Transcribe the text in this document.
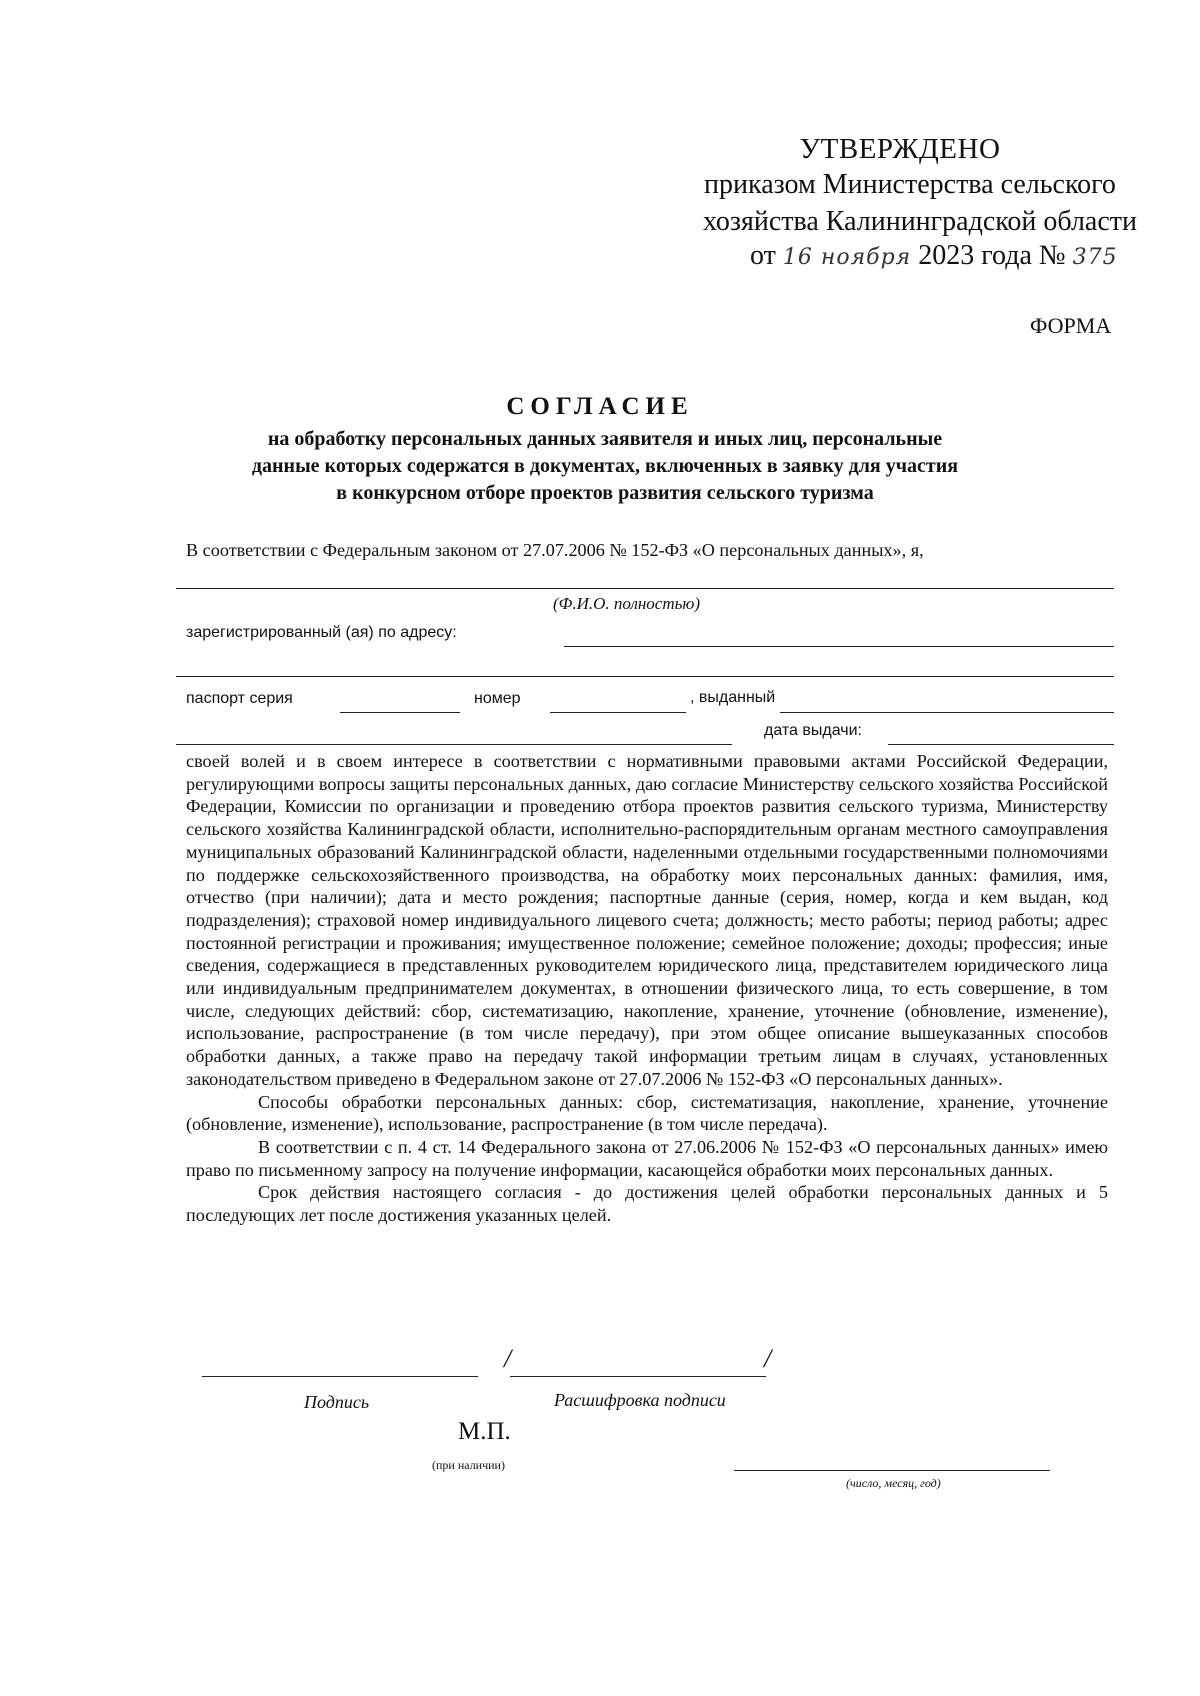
УТВЕРЖДЕНО
приказом Министерства сельского
хозяйства Калининградской области
от 16 ноября 2023 года № 375
ФОРМА
СОГЛАСИЕ
на обработку персональных данных заявителя и иных лиц, персональные
данные которых содержатся в документах, включенных в заявку для участия
в конкурсном отборе проектов развития сельского туризма
В соответствии с Федеральным законом от 27.07.2006 № 152-ФЗ «О персональных данных», я,
(Ф.И.О. полностью)
зарегистрированный (ая) по адресу:
паспорт серия	номер	, выданный
дата выдачи:

своей волей и в своем интересе в соответствии с нормативными правовыми актами Российской Федерации, регулирующими вопросы защиты персональных данных, даю согласие Министерству сельского хозяйства Российской Федерации, Комиссии по организации и проведению отбора проектов развития сельского туризма, Министерству сельского хозяйства Калининградской области, исполнительно-распорядительным органам местного самоуправления муниципальных образований Калининградской области, наделенными отдельными государственными полномочиями по поддержке сельскохозяйственного производства, на обработку моих персональных данных: фамилия, имя, отчество (при наличии); дата и место рождения; паспортные данные (серия, номер, когда и кем выдан, код подразделения); страховой номер индивидуального лицевого счета; должность; место работы; период работы; адрес постоянной регистрации и проживания; имущественное положение; семейное положение; доходы; профессия; иные сведения, содержащиеся в представленных руководителем юридического лица, представителем юридического лица или индивидуальным предпринимателем документах, в отношении физического лица, то есть совершение, в том числе, следующих действий: сбор, систематизацию, накопление, хранение, уточнение (обновление, изменение), использование, распространение (в том числе передачу), при этом общее описание вышеуказанных способов обработки данных, а также право на передачу такой информации третьим лицам в случаях, установленных законодательством приведено в Федеральном законе от 27.07.2006 № 152-ФЗ «О персональных данных».

Способы обработки персональных данных: сбор, систематизация, накопление, хранение, уточнение (обновление, изменение), использование, распространение (в том числе передача).

В соответствии с п. 4 ст. 14 Федерального закона от 27.06.2006 № 152-ФЗ «О персональных данных» имею право по письменному запросу на получение информации, касающейся обработки моих персональных данных.

Срок действия настоящего согласия - до достижения целей обработки персональных данных и 5 последующих лет после достижения указанных целей.

/	/
Подпись	Расшифровка подписи
М.П.
(при наличии)
(число, месяц, год)
